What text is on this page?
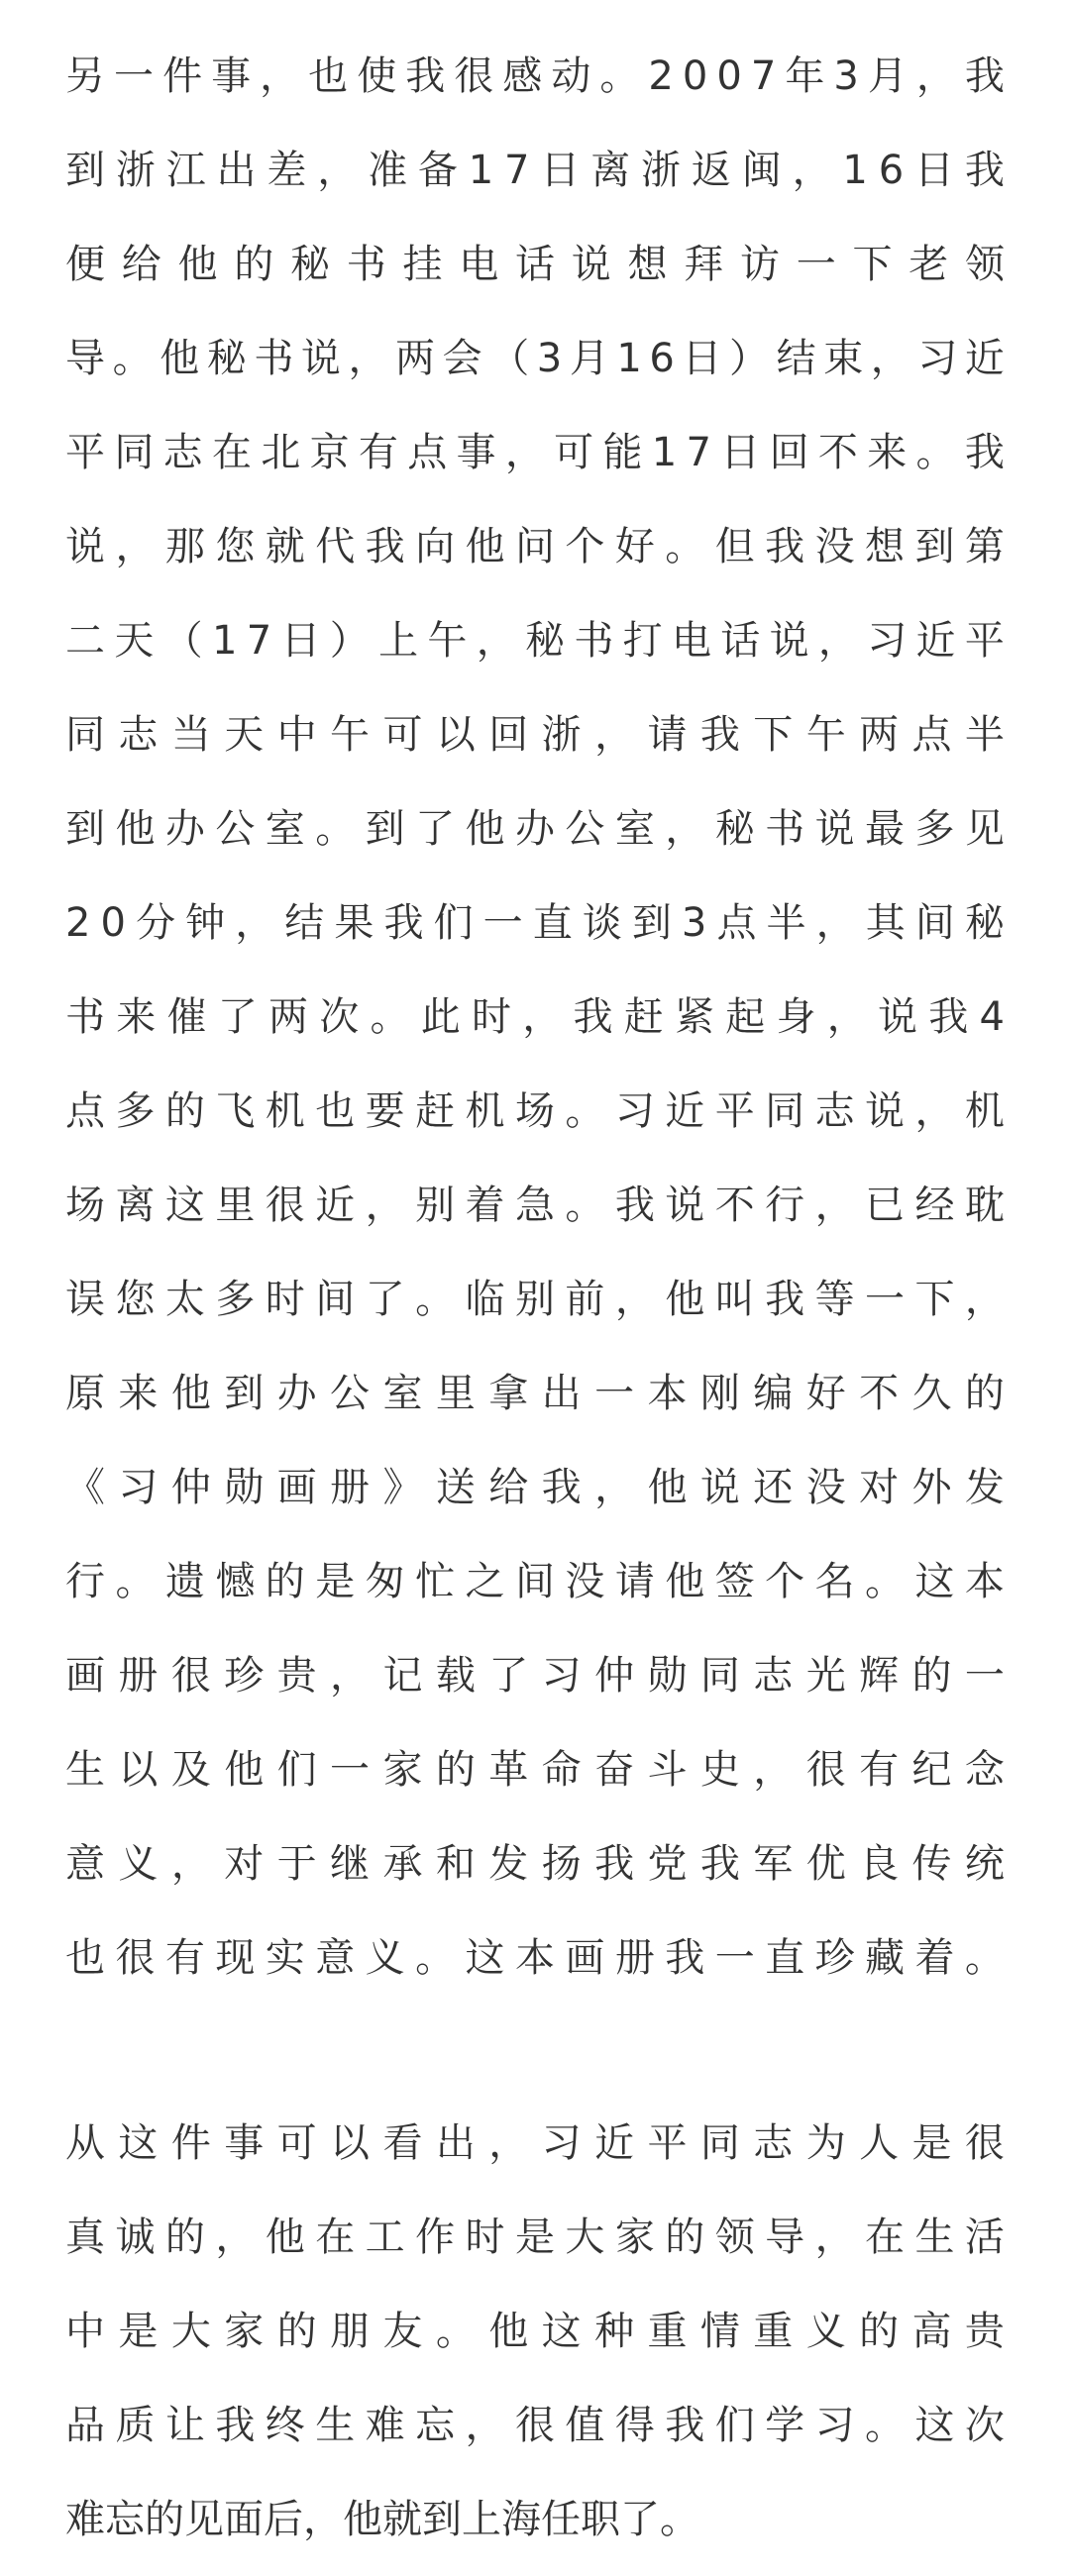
另 一 件 事 ， 也 使 我 很 感 动 。 2 0 0 7 年 3 月 ， 我
到 浙 江 出 差 ， 准 备 1 7 日 离 浙 返 闽 ， 1 6 日 我
便 给 他 的 秘 书 挂 电 话 说 想 拜 访 一 下 老 领
导 。 他 秘 书 说 ， 两 会 （ 3 月 1 6 日 ） 结 束 ， 习 近
平 同 志 在 北 京 有 点 事 ， 可 能 1 7 日 回 不 来 。 我
说 ， 那 您 就 代 我 向 他 问 个 好 。 但 我 没 想 到 第
二 天 （ 1 7 日 ） 上 午 ， 秘 书 打 电 话 说 ， 习 近 平
同 志 当 天 中 午 可 以 回 浙 ， 请 我 下 午 两 点 半
到 他 办 公 室 。 到 了 他 办 公 室 ， 秘 书 说 最 多 见
2 0 分 钟 ， 结 果 我 们 一 直 谈 到 3 点 半 ， 其 间 秘
书 来 催 了 两 次 。 此 时 ， 我 赶 紧 起 身 ， 说 我 4
点 多 的 飞 机 也 要 赶 机 场 。 习 近 平 同 志 说 ， 机
场 离 这 里 很 近 ， 别 着 急 。 我 说 不 行 ， 已 经 耽
误 您 太 多 时 间 了 。 临 别 前 ， 他 叫 我 等 一 下 ，
原 来 他 到 办 公 室 里 拿 出 一 本 刚 编 好 不 久 的
《 习 仲 勋 画 册 》 送 给 我 ， 他 说 还 没 对 外 发
行 。 遗 憾 的 是 匆 忙 之 间 没 请 他 签 个 名 。 这 本
画 册 很 珍 贵 ， 记 载 了 习 仲 勋 同 志 光 辉 的 一
生 以 及 他 们 一 家 的 革 命 奋 斗 史 ， 很 有 纪 念
意 义 ， 对 于 继 承 和 发 扬 我 党 我 军 优 良 传 统
也 很 有 现 实 意 义 。 这 本 画 册 我 一 直 珍 藏 着 。
从 这 件 事 可 以 看 出 ， 习 近 平 同 志 为 人 是 很
真 诚 的 ， 他 在 工 作 时 是 大 家 的 领 导 ， 在 生 活
中 是 大 家 的 朋 友 。 他 这 种 重 情 重 义 的 高 贵
品 质 让 我 终 生 难 忘 ， 很 值 得 我 们 学 习 。 这 次
难忘的见面后，他就到上海任职了。
